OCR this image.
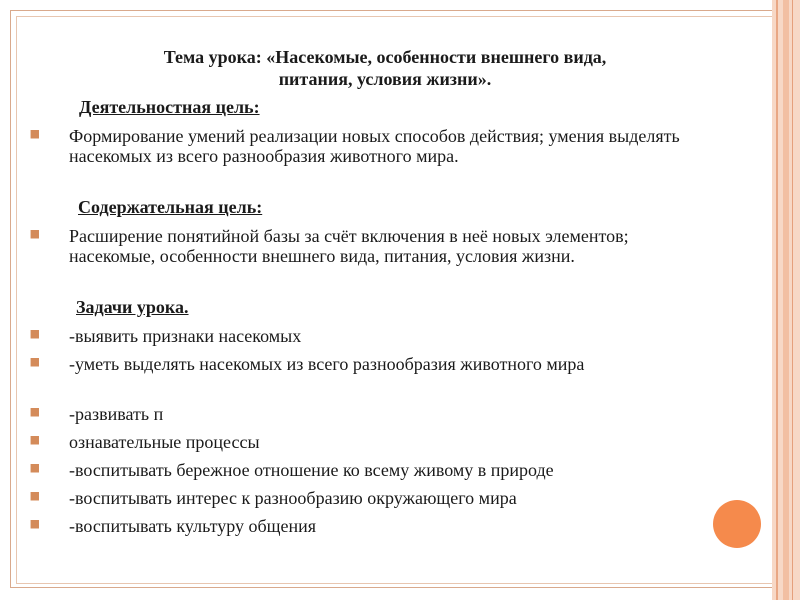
Тема урока: «Насекомые, особенности внешнего вида,
питания, условия жизни».
Деятельностная цель:
⯀ Формирование умений реализации новых способов действия; умения выделять насекомых из всего разнообразия животного мира.
Содержательная цель:
⯀ Расширение понятийной базы за счёт включения в неё новых элементов; насекомые, особенности внешнего вида, питания, условия жизни.
Задачи урока.
⯀ -выявить признаки насекомых
⯀ -уметь выделять насекомых из всего разнообразия животного мира
⯀ -развивать п
⯀ ознавательные процессы
⯀ -воспитывать бережное отношение ко всему живому в природе
⯀ -воспитывать интерес к разнообразию окружающего мира
⯀ -воспитывать культуру общения
